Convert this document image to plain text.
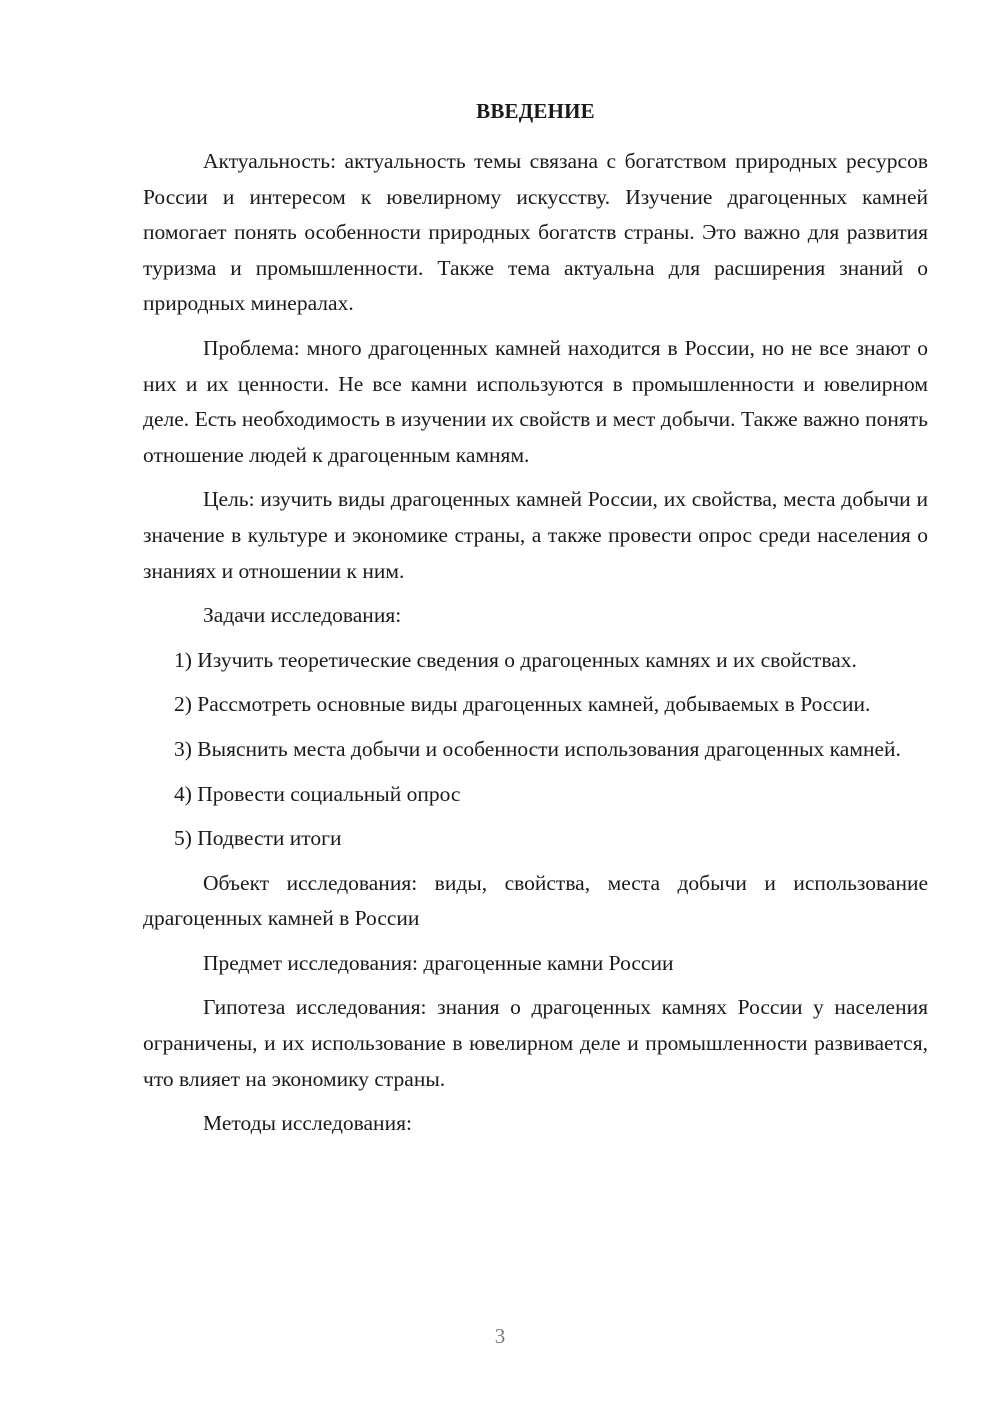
ВВЕДЕНИЕ

Актуальность: актуальность темы связана с богатством природных ресурсов России и интересом к ювелирному искусству. Изучение драгоценных камней помогает понять особенности природных богатств страны. Это важно для развития туризма и промышленности. Также тема актуальна для расширения знаний о природных минералах.

Проблема: много драгоценных камней находится в России, но не все знают о них и их ценности. Не все камни используются в промышленности и ювелирном деле. Есть необходимость в изучении их свойств и мест добычи. Также важно понять отношение людей к драгоценным камням.

Цель: изучить виды драгоценных камней России, их свойства, места добычи и значение в культуре и экономике страны, а также провести опрос среди населения о знаниях и отношении к ним.

Задачи исследования:

1) Изучить теоретические сведения о драгоценных камнях и их свойствах.

2) Рассмотреть основные виды драгоценных камней, добываемых в России.

3) Выяснить места добычи и особенности использования драгоценных камней.

4) Провести социальный опрос

5) Подвести итоги

Объект исследования: виды, свойства, места добычи и использование драгоценных камней в России

Предмет исследования: драгоценные камни России

Гипотеза исследования: знания о драгоценных камнях России у населения ограничены, и их использование в ювелирном деле и промышленности развивается, что влияет на экономику страны.

Методы исследования:

3
